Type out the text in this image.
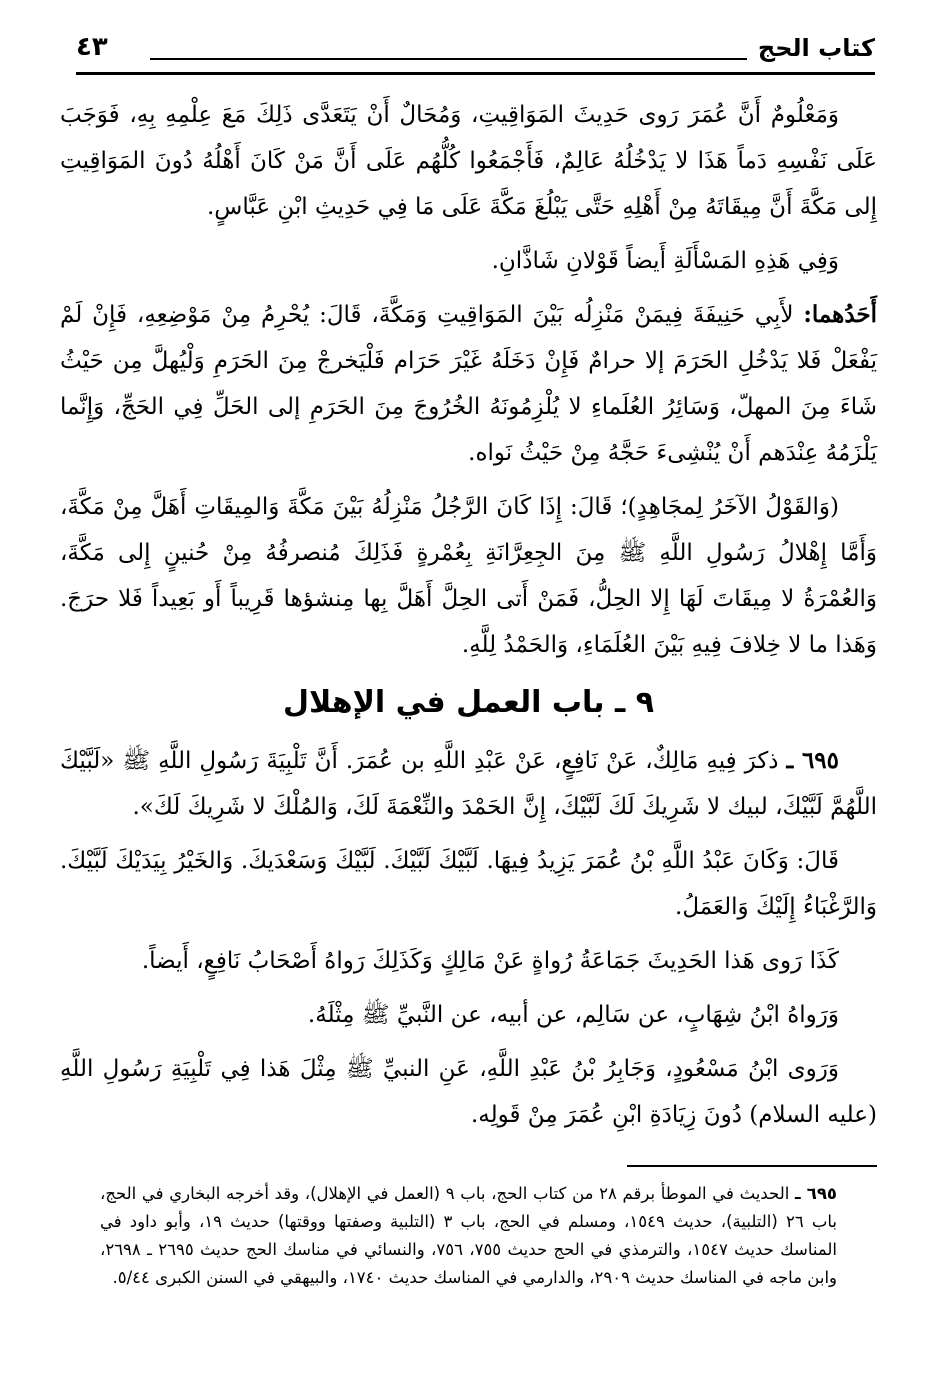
كتاب الحج
٤٣

وَمَعْلُومٌ أَنَّ عُمَرَ رَوى حَدِيثَ المَوَاقِيتِ، وَمُحَالٌ أَنْ يَتَعَدَّى ذَلِكَ مَعَ عِلْمِهِ بِهِ، فَوَجَبَ عَلَى نَفْسِهِ دَماً هَذَا لا يَدْخُلُهُ عَالِمٌ، فَأَجْمَعُوا كُلُّهُم عَلَى أَنَّ مَنْ كَانَ أَهْلُهُ دُونَ المَوَاقِيتِ إِلى مَكَّةَ أَنَّ مِيقَاتَهُ مِنْ أَهْلِهِ حَتَّى يَبْلُغَ مَكَّةَ عَلَى مَا فِي حَدِيثِ ابْنِ عَبَّاسٍ.

وَفِي هَذِهِ المَسْأَلَةِ أَيضاً قَوْلانِ شَاذَّانِ.

أَحَدُهما: لأَبِي حَنِيفَةَ فِيمَنْ مَنْزِلُه بَيْنَ المَوَاقِيتِ وَمَكَّةَ، قَالَ: يُحْرِمُ مِنْ مَوْضِعِهِ، فَإِنْ لَمْ يَفْعَلْ فَلا يَدْخُلِ الحَرَمَ إلا حرامٌ فَإِنْ دَخَلَهُ غَيْرَ حَرَام فَلْيَخرجْ مِنَ الحَرَمِ وَلْيُهلَّ مِن حَيْثُ شَاءَ مِنَ المهلّ، وَسَائِرُ العُلَماءِ لا يُلْزِمُونَهُ الخُرُوجَ مِنَ الحَرَمِ إلى الحَلِّ فِي الحَجِّ، وَإِنَّما يَلْزَمُهُ عِنْدَهم أَنْ يُنْشِىءَ حَجَّهُ مِنْ حَيْثُ نَواه.

(وَالقَوْلُ الآخَرُ لِمجَاهِدٍ)؛ قَالَ: إِذَا كَانَ الرَّجُلُ مَنْزِلُهُ بَيْنَ مَكَّةَ وَالمِيقَاتِ أَهَلَّ مِنْ مَكَّةَ، وَأَمَّا إِهْلالُ رَسُولِ اللَّهِ ﷺ مِنَ الجِعِرَّانَةِ بِعُمْرةٍ فَذَلِكَ مُنصرفُهُ مِنْ حُنينٍ إِلى مَكَّةَ، وَالعُمْرَةُ لا مِيقَاتَ لَهَا إِلا الحِلُّ، فَمَنْ أَتى الحِلَّ أَهَلَّ بِها مِنشؤها قَرِيباً أَو بَعِيداً فَلا حرَجَ. وَهَذا ما لا خِلافَ فِيهِ بَيْنَ العُلَمَاءِ، وَالحَمْدُ لِلَّهِ.

٩ ـ باب العمل في الإهلال

٦٩٥ ـ ذكرَ فِيهِ مَالِكٌ، عَنْ نَافِعٍ، عَنْ عَبْدِ اللَّهِ بن عُمَرَ. أَنَّ تَلْبِيَةَ رَسُولِ اللَّهِ ﷺ «لَبَّيْكَ اللَّهُمَّ لَبَّيْكَ، لبيك لا شَرِيكَ لَكَ لَبَّيْكَ، إِنَّ الحَمْدَ والنِّعْمَةَ لَكَ، وَالمُلْكَ لا شَرِيكَ لَكَ».

قَالَ: وَكَانَ عَبْدُ اللَّهِ بْنُ عُمَرَ يَزِيدُ فِيهَا. لَبَّيْكَ لَبَّيْكَ. لَبَّيْكَ وَسَعْدَيكَ. وَالخَيْرُ بِيَدَيْكَ لَبَّيْكَ. وَالرَّغْبَاءُ إِلَيْكَ وَالعَمَلُ.

كَذَا رَوى هَذا الحَدِيثَ جَمَاعَةُ رُواةٍ عَنْ مَالِكٍ وَكَذَلِكَ رَواهُ أَصْحَابُ نَافِعٍ، أَيضاً.

وَرَواهُ ابْنُ شِهَابٍ، عن سَالِم، عن أبيه، عن النَّبيِّ ﷺ مِثْلَهُ.

وَرَوى ابْنُ مَسْعُودٍ، وَجَابِرُ بْنُ عَبْدِ اللَّهِ، عَنِ النبيِّ ﷺ مِثْلَ هَذا فِي تَلْبِيَةِ رَسُولِ اللَّهِ (عليه السلام) دُونَ زِيَادَةِ ابْنِ عُمَرَ مِنْ قَولِه.

٦٩٥ ـ الحديث في الموطأ برقم ٢٨ من كتاب الحج، باب ٩ (العمل في الإهلال)، وقد أخرجه البخاري في الحج، باب ٢٦ (التلبية)، حديث ١٥٤٩، ومسلم في الحج، باب ٣ (التلبية وصفتها ووقتها) حديث ١٩، وأبو داود في المناسك حديث ١٥٤٧، والترمذي في الحج حديث ٧٥٥، ٧٥٦، والنسائي في مناسك الحج حديث ٢٦٩٥ ـ ٢٦٩٨، وابن ماجه في المناسك حديث ٢٩٠٩، والدارمي في المناسك حديث ١٧٤٠، والبيهقي في السنن الكبرى ٥/٤٤.
